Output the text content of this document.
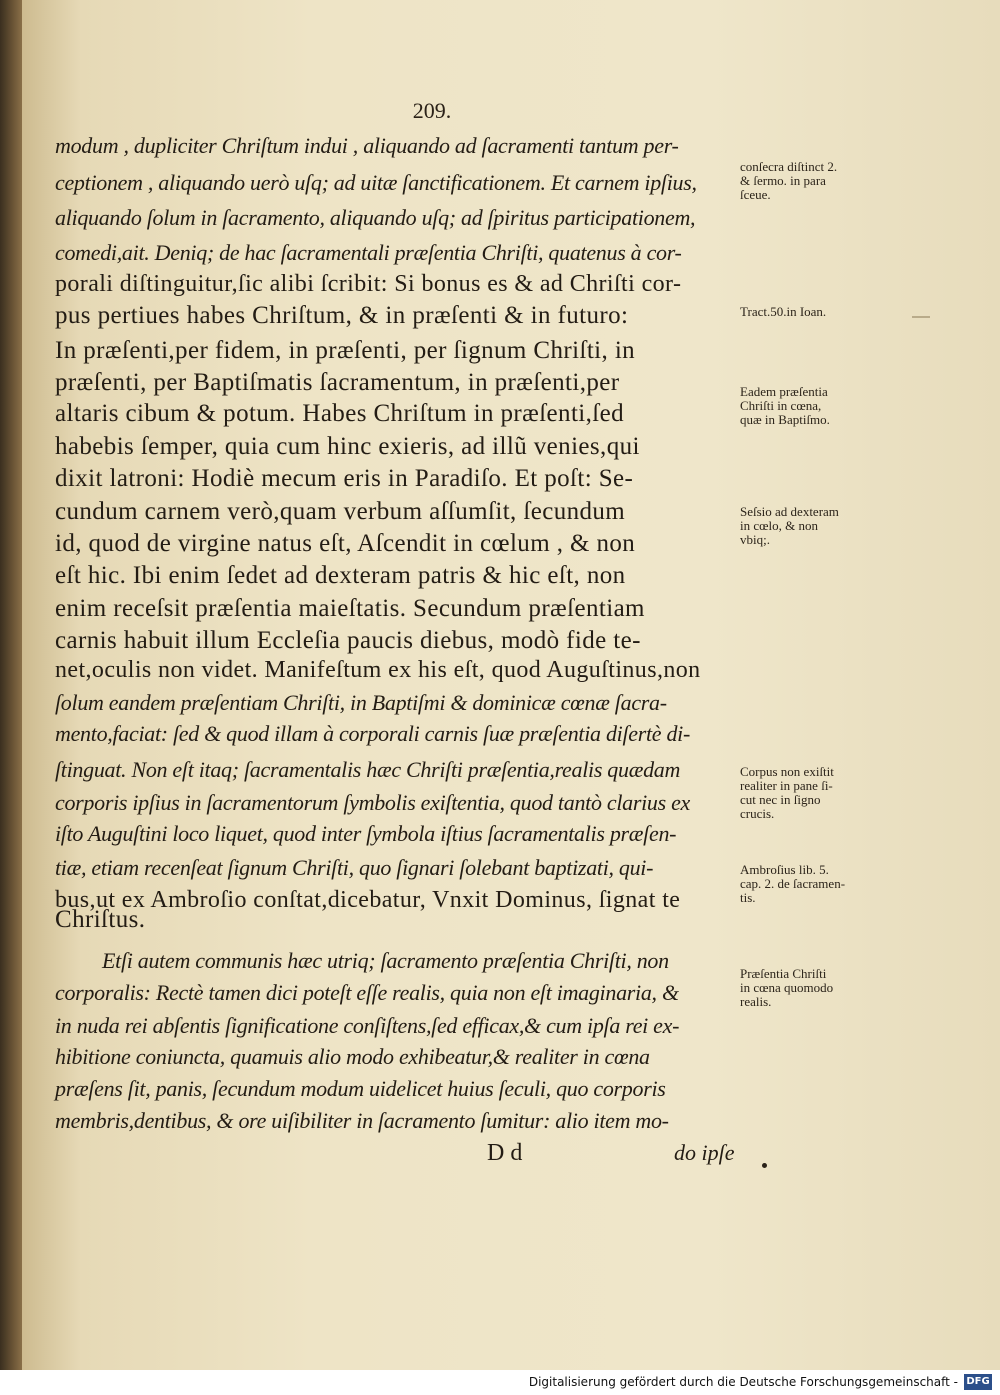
209.
modum , dupliciter Chriſtum indui , aliquando ad ſacramenti tantum per-
ceptionem , aliquando uerò uſq; ad uitæ ſanctificationem. Et carnem ipſius,
aliquando ſolum in ſacramento, aliquando uſq; ad ſpiritus participationem,
comedi,ait. Deniq; de hac ſacramentali præſentia Chriſti, quatenus à cor-
porali diſtinguitur,ſic alibi ſcribit: Si bonus es & ad Chriſti cor-
pus pertiues habes Chriſtum, & in præſenti & in futuro:
In præſenti,per fidem, in præſenti, per ſignum Chriſti, in
præſenti, per Baptiſmatis ſacramentum, in præſenti,per
altaris cibum & potum. Habes Chriſtum in præſenti,ſed
habebis ſemper, quia cum hinc exieris, ad illũ venies,qui
dixit latroni: Hodiè mecum eris in Paradiſo. Et poſt: Se-
cundum carnem verò,quam verbum aſſumſit, ſecundum
id, quod de virgine natus eſt, Aſcendit in cœlum , & non
eſt hic. Ibi enim ſedet ad dexteram patris & hic eſt, non
enim receſsit præſentia maieſtatis. Secundum præſentiam
carnis habuit illum Eccleſia paucis diebus, modò fide te-
net,oculis non videt. Manifeſtum ex his eſt, quod Auguſtinus,non
ſolum eandem præſentiam Chriſti, in Baptiſmi & dominicæ cœnæ ſacra-
mento,faciat: ſed & quod illam à corporali carnis ſuæ præſentia diſertè di-
ſtinguat. Non eſt itaq; ſacramentalis hæc Chriſti præſentia,realis quædam
corporis ipſius in ſacramentorum ſymbolis exiſtentia, quod tantò clarius ex
iſto Auguſtini loco liquet, quod inter ſymbola iſtius ſacramentalis præſen-
tiæ, etiam recenſeat ſignum Chriſti, quo ſignari ſolebant baptizati, qui-
bus,ut ex Ambroſio conſtat,dicebatur, Vnxit Dominus, ſignat te
Chriſtus.
Etſi autem communis hæc utriq; ſacramento præſentia Chriſti, non
corporalis: Rectè tamen dici poteſt eſſe realis, quia non eſt imaginaria, &
in nuda rei abſentis ſignificatione conſiſtens,ſed efficax,& cum ipſa rei ex-
hibitione coniuncta, quamuis alio modo exhibeatur,& realiter in cœna
præſens ſit, panis, ſecundum modum uidelicet huius ſeculi, quo corporis
membris,dentibus, & ore uiſibiliter in ſacramento ſumitur: alio item mo-
conſecra diſtinct 2.
& ſermo. in para
ſceue.
Tract.50.in Ioan.
Eadem præſentia
Chriſti in cœna,
quæ in Baptiſmo.
Seſsio ad dexteram
in cœlo, & non
vbiq;.
Corpus non exiſtit
realiter in pane ſi-
cut nec in ſigno
crucis.
Ambroſius lib. 5.
cap. 2. de ſacramen-
tis.
Præſentia Chriſti
in cœna quomodo
realis.
D d	do ipſe
Digitalisierung gefördert durch die Deutsche Forschungsgemeinschaft - DFG
